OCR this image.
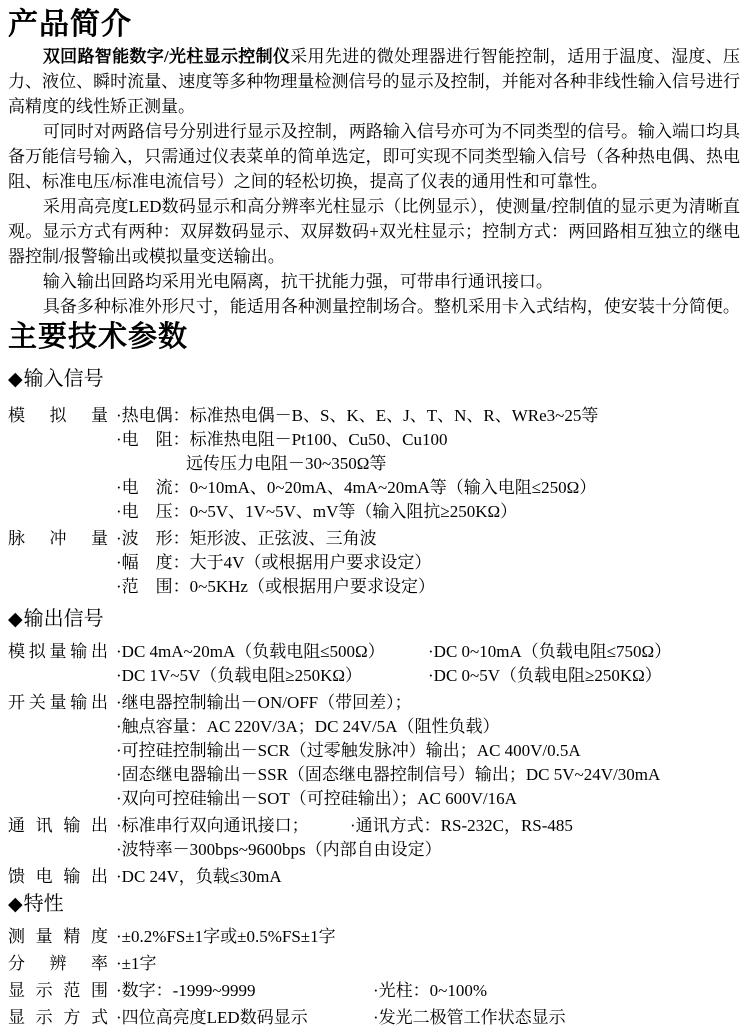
产品简介

双回路智能数字/光柱显示控制仪采用先进的微处理器进行智能控制，适用于温度、湿度、压力、液位、瞬时流量、速度等多种物理量检测信号的显示及控制，并能对各种非线性输入信号进行高精度的线性矫正测量。

可同时对两路信号分别进行显示及控制，两路输入信号亦可为不同类型的信号。输入端口均具备万能信号输入，只需通过仪表菜单的简单选定，即可实现不同类型输入信号（各种热电偶、热电阻、标准电压/标准电流信号）之间的轻松切换，提高了仪表的通用性和可靠性。

采用高亮度LED数码显示和高分辨率光柱显示（比例显示），使测量/控制值的显示更为清晰直观。显示方式有两种：双屏数码显示、双屏数码+双光柱显示；控制方式：两回路相互独立的继电器控制/报警输出或模拟量变送输出。

输入输出回路均采用光电隔离，抗干扰能力强，可带串行通讯接口。

具备多种标准外形尺寸，能适用各种测量控制场合。整机采用卡入式结构，使安装十分简便。

主要技术参数
◆输入信号
模 拟 量 ·热电偶：标准热电偶－B、S、K、E、J、T、N、R、WRe3~25等
·电　阻：标准热电阻－Pt100、Cu50、Cu100
远传压力电阻－30~350Ω等
·电　流：0~10mA、0~20mA、4mA~20mA等（输入电阻≤250Ω）
·电　压：0~5V、1V~5V、mV等（输入阻抗≥250KΩ）
脉 冲 量 ·波　形：矩形波、正弦波、三角波
·幅　度：大于4V（或根据用户要求设定）
·范　围：0~5KHz（或根据用户要求设定）
◆输出信号
模拟量输出 ·DC 4mA~20mA（负载电阻≤500Ω）	·DC 0~10mA（负载电阻≤750Ω）
·DC 1V~5V（负载电阻≥250KΩ）	·DC 0~5V（负载电阻≥250KΩ）
开关量输出 ·继电器控制输出－ON/OFF（带回差）；
·触点容量：AC 220V/3A；DC 24V/5A（阻性负载）
·可控硅控制输出－SCR（过零触发脉冲）输出；AC 400V/0.5A
·固态继电器输出－SSR（固态继电器控制信号）输出；DC 5V~24V/30mA
·双向可控硅输出－SOT（可控硅输出）；AC 600V/16A
通 讯 输 出 ·标准串行双向通讯接口； ·通讯方式：RS-232C，RS-485
·波特率－300bps~9600bps（内部自由设定）
馈 电 输 出 ·DC 24V，负载≤30mA
◆特性
测 量 精 度 ·±0.2%FS±1字或±0.5%FS±1字
分 辨 率 ·±1字
显 示 范 围 ·数字：-1999~9999	·光柱：0~100%
显 示 方 式 ·四位高亮度LED数码显示	·发光二极管工作状态显示
